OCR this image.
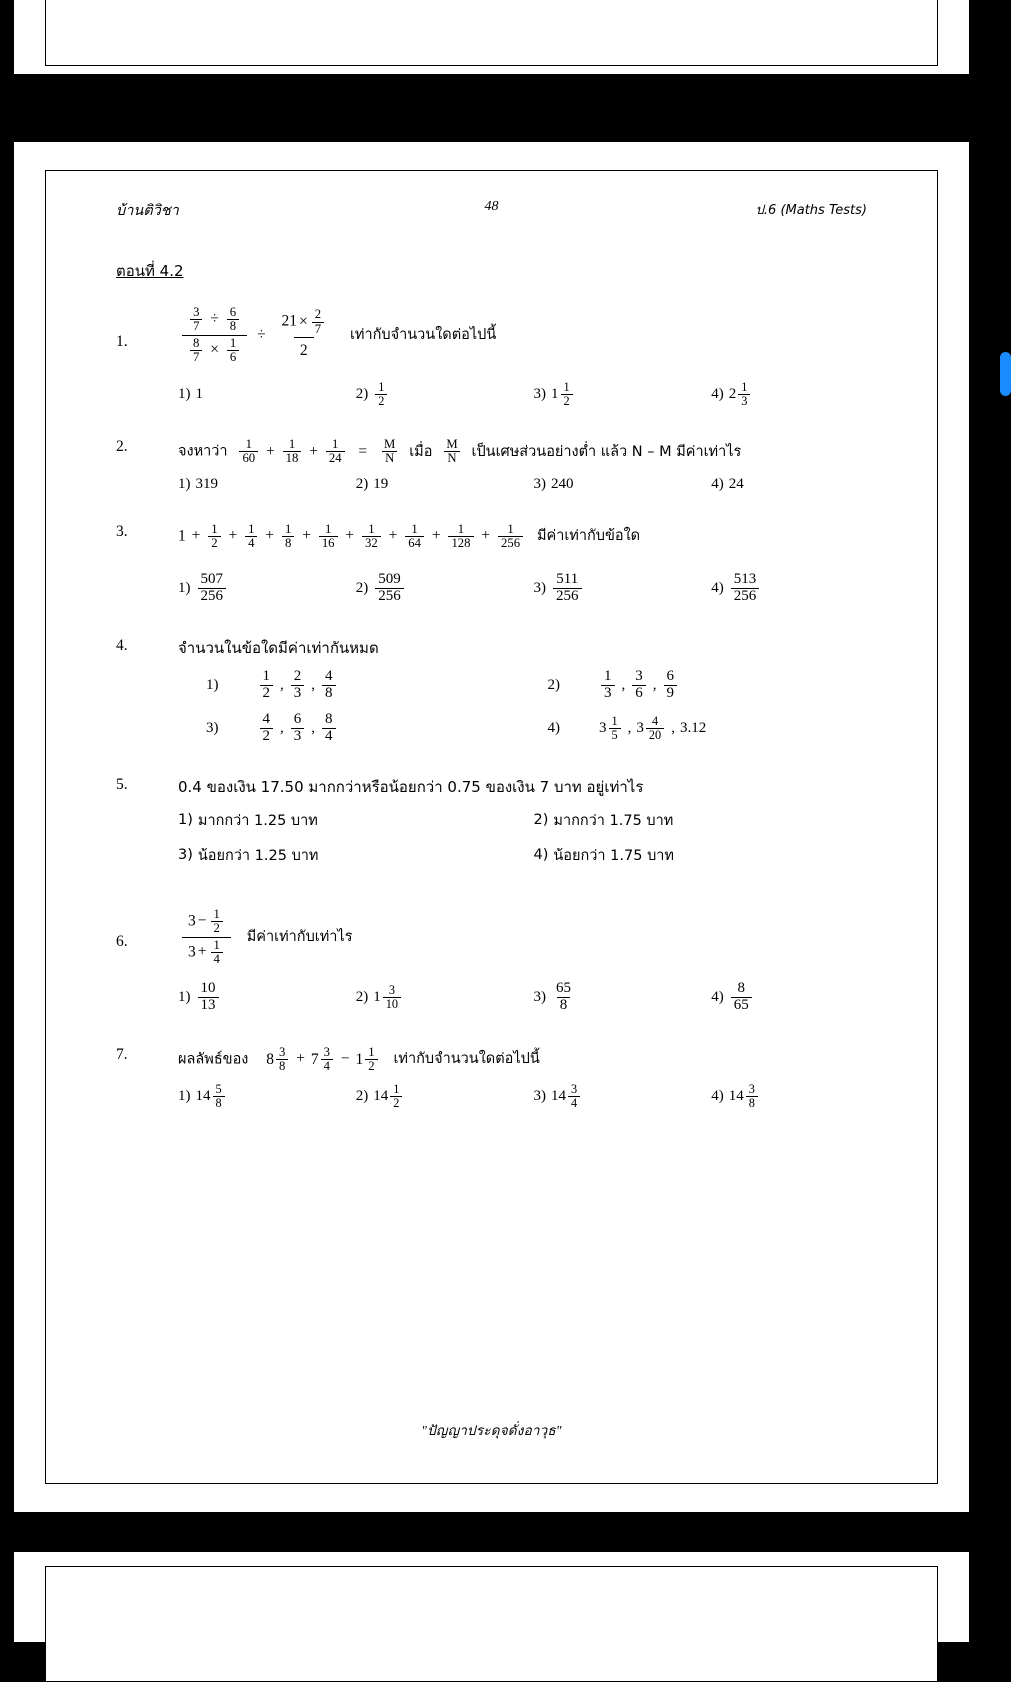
บ้านติวิชา	48	ป.6 (Maths Tests)
ตอนที่ 4.2
1.
$\frac{3}{7} \div \frac{6}{8}$
$\frac{8}{7} \times \frac{1}{6}$
÷ $\frac{21 \times \frac{2}{7}}{2}$ เท่ากับจำนวนใดต่อไปนี้
1) 1	$2) \frac{1}{2}$	3) $1 \frac{1}{2}$	4) $2 \frac{1}{3}$
2.	จงหาว่า $\frac{1}{60} + \frac{1}{18} + \frac{1}{24} = \frac{M}{N}$ เมื่อ $\frac{M}{N}$ เป็นเศษส่วนอย่างต่ำ แล้ว N – M มีค่าเท่าไร
1) 319	2) 19	3) 240	4) 24
3.	$1 + \frac{1}{2} + \frac{1}{4} + \frac{1}{8} + \frac{1}{16} + \frac{1}{32} + \frac{1}{64} + \frac{1}{128} + \frac{1}{256}$ มีค่าเท่ากับข้อใด
$1) \frac{507}{256}$	$2) \frac{509}{256}$	$3) \frac{511}{256}$	$4) \frac{513}{256}$
4.	จำนวนในข้อใดมีค่าเท่ากันหมด
1)	$\frac{1}{2}$ , $\frac{2}{3}$ , $\frac{4}{8}$	2)	$\frac{1}{3}$ , $\frac{3}{6}$ , $\frac{6}{9}$
3)	$\frac{4}{2}$ , $\frac{6}{3}$ , $\frac{8}{4}$	4)	$3 \frac{1}{5}$ , $3 \frac{4}{20}$ , 3.12
5.	0.4 ของเงิน 17.50 มากกว่าหรือน้อยกว่า 0.75 ของเงิน 7 บาท อยู่เท่าไร
1) มากกว่า 1.25 บาท	2) มากกว่า 1.75 บาท
3) น้อยกว่า 1.25 บาท	4) น้อยกว่า 1.75 บาท
6.	$\frac{3 - \frac{1}{2}}{3 + \frac{1}{4}}$ มีค่าเท่ากับเท่าไร
$1) \frac{10}{13}$	2) $1 \frac{3}{10}$	$3) \frac{65}{8}$	$4) \frac{8}{65}$
7.	ผลลัพธ์ของ $8 \frac{3}{8} + 7 \frac{3}{4} - 1 \frac{1}{2}$ เท่ากับจำนวนใดต่อไปนี้
1) $14 \frac{5}{8}$	2) $14 \frac{1}{2}$	3) $14 \frac{3}{4}$	4) $14 \frac{3}{8}$
"ปัญญาประดุจดั่งอาวุธ"
